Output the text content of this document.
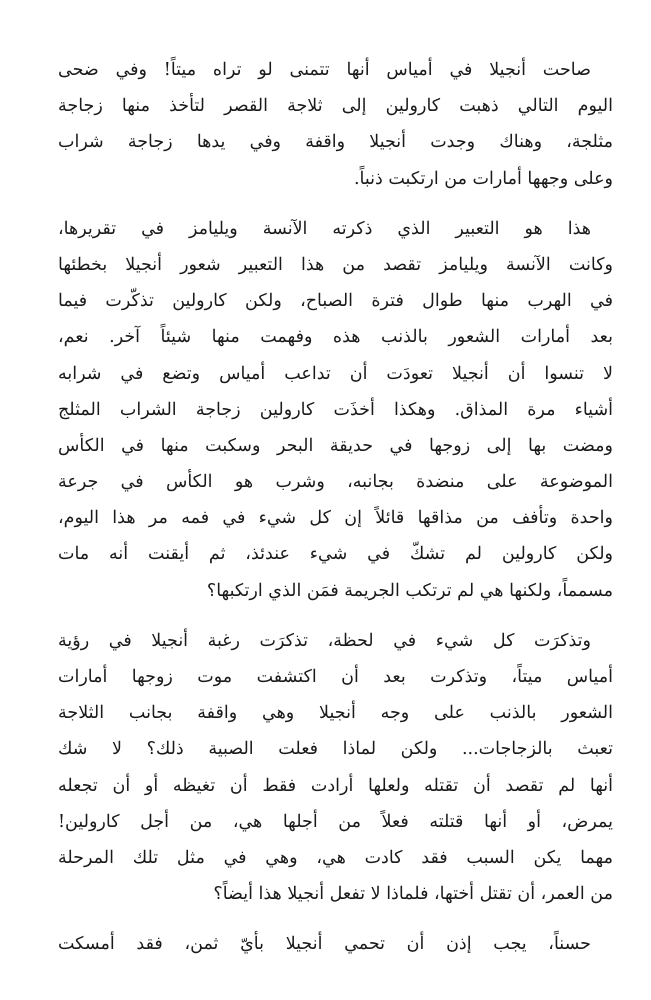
صاحت أنجيلا في أمياس أنها تتمنى لو تراه ميتاً! وفي ضحى
اليوم التالي ذهبت كارولين إلى ثلاجة القصر لتأخذ منها زجاجة
مثلجة، وهناك وجدت أنجيلا واقفة وفي يدها زجاجة شراب
وعلى وجهها أمارات من ارتكبت ذنباً.
هذا هو التعبير الذي ذكرته الآنسة ويليامز في تقريرها،
وكانت الآنسة ويليامز تقصد من هذا التعبير شعور أنجيلا بخطئها
في الهرب منها طوال فترة الصباح، ولكن كارولين تذكّرت فيما
بعد أمارات الشعور بالذنب هذه وفهمت منها شيئاً آخر. نعم،
لا تنسوا أن أنجيلا تعودَت أن تداعب أمياس وتضع في شرابه
أشياء مرة المذاق. وهكذا أخذَت كارولين زجاجة الشراب المثلج
ومضت بها إلى زوجها في حديقة البحر وسكبت منها في الكأس
الموضوعة على منضدة بجانبه، وشرب هو الكأس في جرعة
واحدة وتأفف من مذاقها قائلاً إن كل شيء في فمه مر هذا اليوم،
ولكن كارولين لم تشكّ في شيء عندئذ، ثم أيقنت أنه مات
مسمماً، ولكنها هي لم ترتكب الجريمة فمَن الذي ارتكبها؟
وتذكرَت كل شيء في لحظة، تذكرَت رغبة أنجيلا في رؤية
أمياس ميتاً، وتذكرت بعد أن اكتشفت موت زوجها أمارات
الشعور بالذنب على وجه أنجيلا وهي واقفة بجانب الثلاجة
تعبث بالزجاجات... ولكن لماذا فعلت الصبية ذلك؟ لا شك
أنها لم تقصد أن تقتله ولعلها أرادت فقط أن تغيظه أو أن تجعله
يمرض، أو أنها قتلته فعلاً من أجلها هي، من أجل كارولين!
مهما يكن السبب فقد كادت هي، وهي في مثل تلك المرحلة
من العمر، أن تقتل أختها، فلماذا لا تفعل أنجيلا هذا أيضاً؟
حسناً، يجب إذن أن تحمي أنجيلا بأيّ ثمن، فقد أمسكت
